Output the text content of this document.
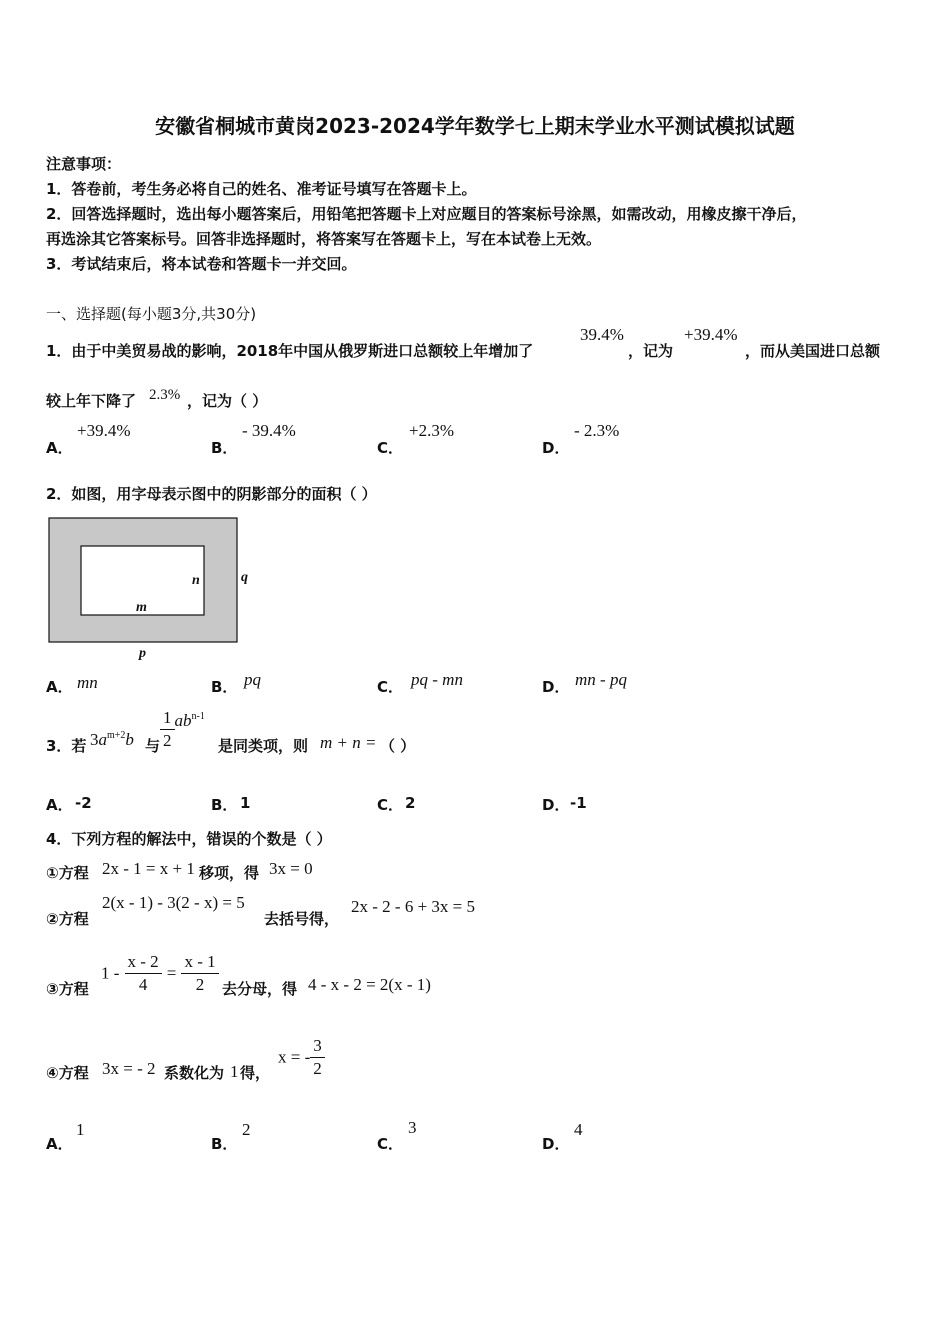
安徽省桐城市黄岗2023-2024学年数学七上期末学业水平测试模拟试题
注意事项：
1．答卷前，考生务必将自己的姓名、准考证号填写在答题卡上。
2．回答选择题时，选出每小题答案后，用铅笔把答题卡上对应题目的答案标号涂黑，如需改动，用橡皮擦干净后，
再选涂其它答案标号。回答非选择题时，将答案写在答题卡上，写在本试卷上无效。
3．考试结束后，将本试卷和答题卡一并交回。
一、选择题(每小题3分,共30分)
1．由于中美贸易战的影响，2018年中国从俄罗斯进口总额较上年增加了
39.4%
，记为
+39.4%
，而从美国进口总额
较上年下降了 2.3% ，记为（ ）
A．
+39.4%
B．
- 39.4%
C．
+2.3%
D．
- 2.3%
2．如图，用字母表示图中的阴影部分的面积（ ）
n
m
q
p
A． mn	B． pq	C． pq - mn	D． mn - pq
3．若 $3a^{m+2}b$ 与 $\frac{1}{2} ab^{n-1}$
是同类项，则 m + n = （ ）
A． -2	B． 1	C． 2	D． -1
4．下列方程的解法中，错误的个数是（ ）
①方程 2x - 1 = x + 1 移项，得 3x = 0
②方程
2(x - 1) - 3(2 - x) = 5
去括号得，
2x - 2 - 6 + 3x = 5
③方程
$1 - \frac{x - 2}{4} = \frac{x - 1}{2}$ 去分母，得 4 - x - 2 = 2(x - 1)
④方程 3x = - 2 系数化为 1 得，
x = - $\frac{3}{2}$
A．
1
B．
2
C．
3
D．
4
